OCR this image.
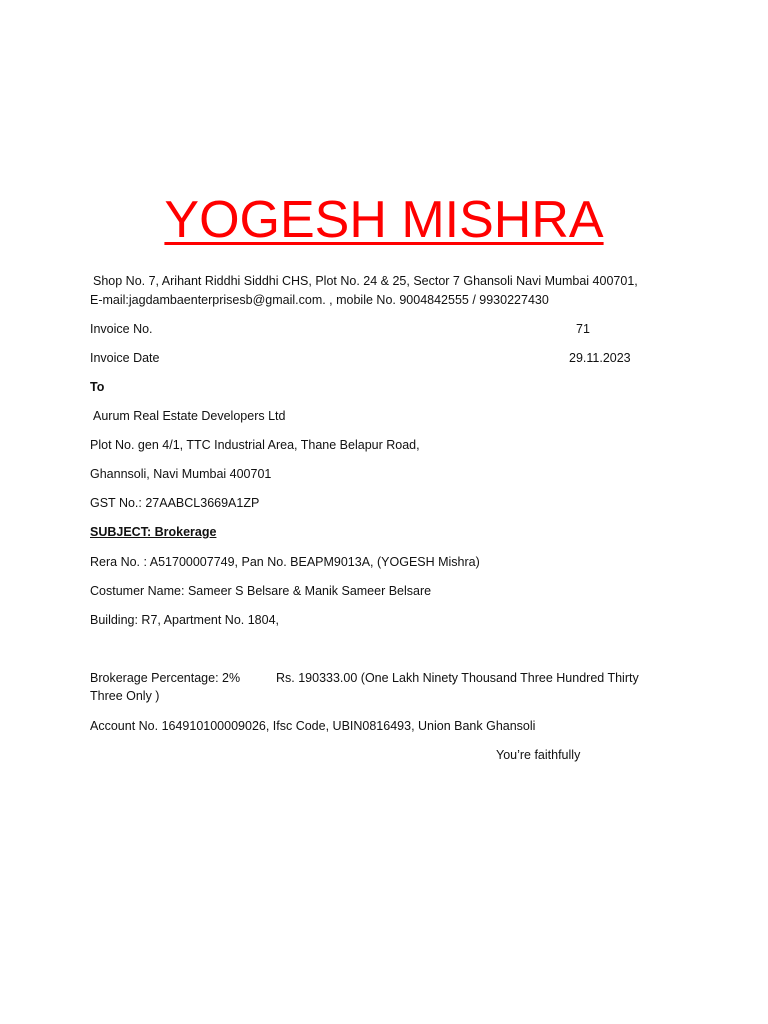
YOGESH MISHRA
Shop No. 7, Arihant Riddhi Siddhi CHS, Plot No. 24 & 25, Sector 7 Ghansoli Navi Mumbai 400701,
E-mail:jagdambaenterprisesb@gmail.com. , mobile No. 9004842555 / 9930227430
Invoice No.	71
Invoice Date	29.11.2023
To
Aurum Real Estate Developers Ltd
Plot No. gen 4/1, TTC Industrial Area, Thane Belapur Road,
Ghannsoli, Navi Mumbai 400701
GST No.: 27AABCL3669A1ZP
SUBJECT: Brokerage
Rera No. : A51700007749, Pan No. BEAPM9013A, (YOGESH Mishra)
Costumer Name: Sameer S Belsare & Manik Sameer Belsare
Building: R7, Apartment No. 1804,
Brokerage Percentage: 2%	Rs. 190333.00 (One Lakh Ninety Thousand Three Hundred Thirty
Three Only )
Account No. 164910100009026, Ifsc Code, UBIN0816493, Union Bank Ghansoli
You’re faithfully
